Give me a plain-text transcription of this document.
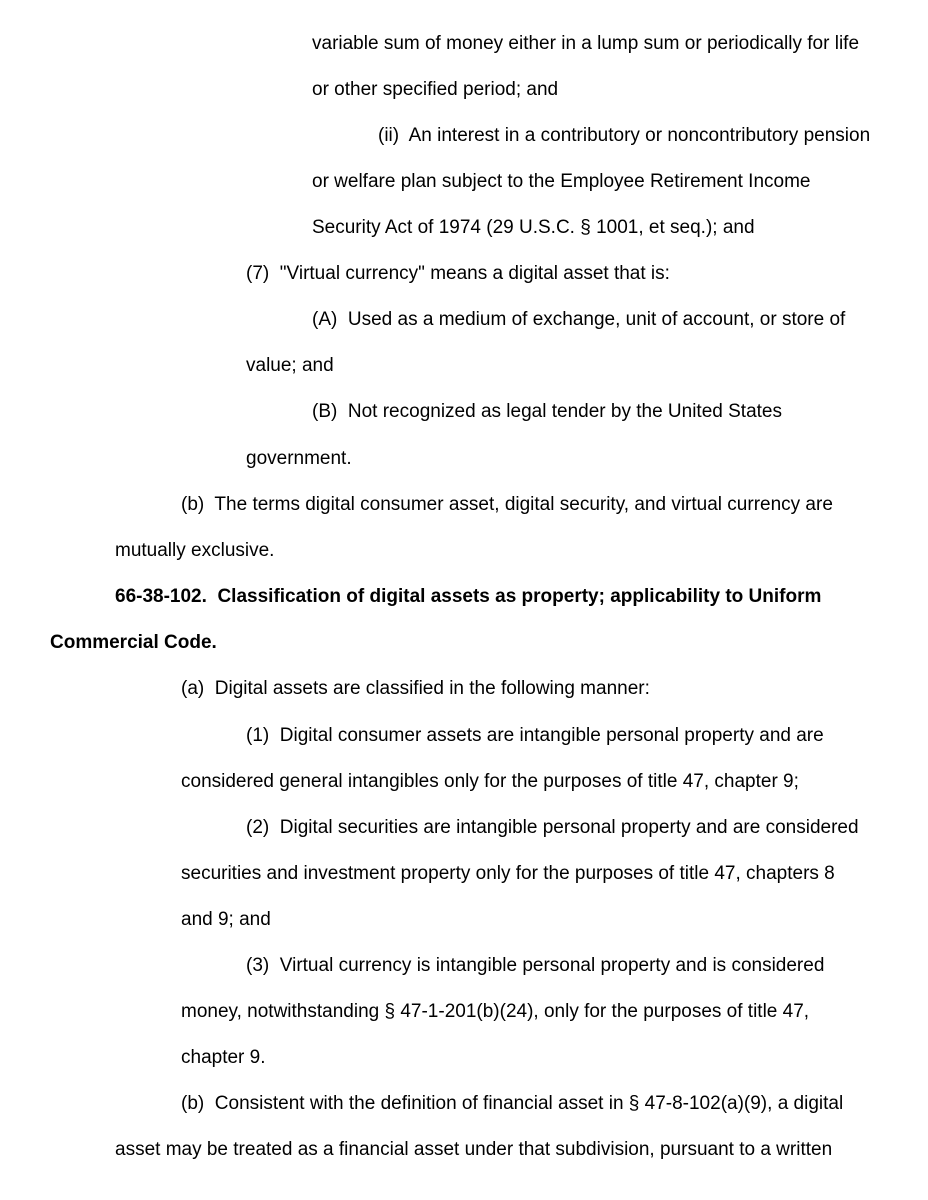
variable sum of money either in a lump sum or periodically for life
or other specified period; and
(ii)  An interest in a contributory or noncontributory pension
or welfare plan subject to the Employee Retirement Income
Security Act of 1974 (29 U.S.C. § 1001, et seq.); and
(7)  "Virtual currency" means a digital asset that is:
(A)  Used as a medium of exchange, unit of account, or store of
value; and
(B)  Not recognized as legal tender by the United States
government.
(b)  The terms digital consumer asset, digital security, and virtual currency are
mutually exclusive.
66-38-102.  Classification of digital assets as property; applicability to Uniform
Commercial Code.
(a)  Digital assets are classified in the following manner:
(1)  Digital consumer assets are intangible personal property and are
considered general intangibles only for the purposes of title 47, chapter 9;
(2)  Digital securities are intangible personal property and are considered
securities and investment property only for the purposes of title 47, chapters 8
and 9; and
(3)  Virtual currency is intangible personal property and is considered
money, notwithstanding § 47-1-201(b)(24), only for the purposes of title 47,
chapter 9.
(b)  Consistent with the definition of financial asset in § 47-8-102(a)(9), a digital
asset may be treated as a financial asset under that subdivision, pursuant to a written
